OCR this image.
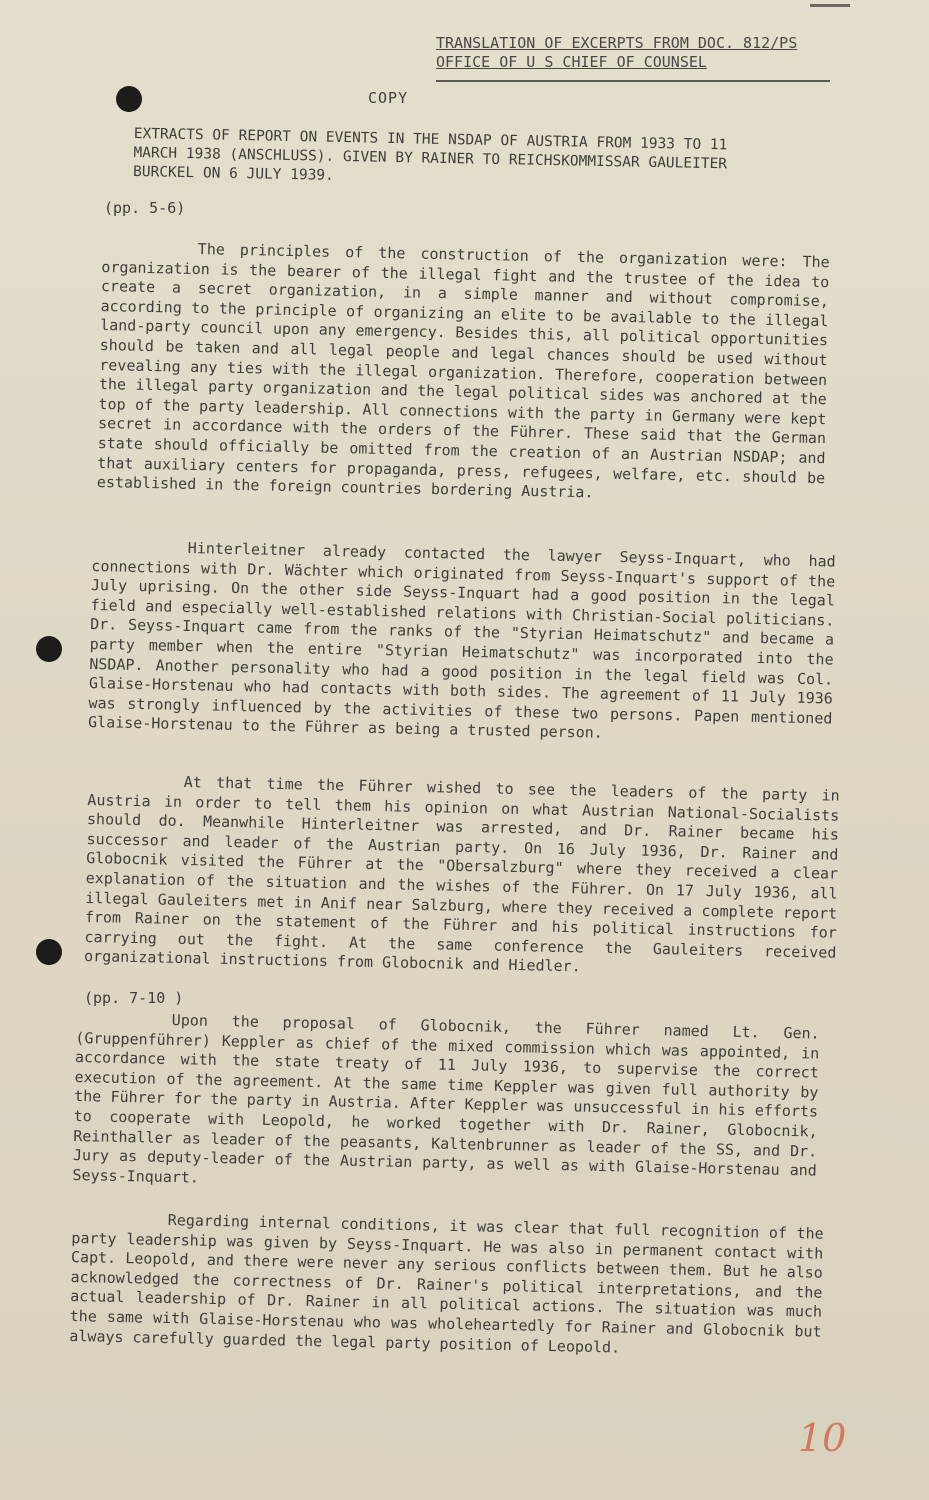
TRANSLATION OF EXCERPTS FROM DOC. 812/PS
OFFICE OF U S CHIEF OF COUNSEL
COPY
EXTRACTS OF REPORT ON EVENTS IN THE NSDAP OF AUSTRIA FROM 1933 TO 11 MARCH 1938 (ANSCHLUSS). GIVEN BY RAINER TO REICHSKOMMISSAR GAULEITER BURCKEL ON 6 JULY 1939.
(pp. 5-6)
The principles of the construction of the organization were: The organization is the bearer of the illegal fight and the trustee of the idea to create a secret organization, in a simple manner and without compromise, according to the principle of organizing an elite to be available to the illegal land-party council upon any emergency. Besides this, all political opportunities should be taken and all legal people and legal chances should be used without revealing any ties with the illegal organization. Therefore, cooperation between the illegal party organization and the legal political sides was anchored at the top of the party leadership. All connections with the party in Germany were kept secret in accordance with the orders of the Führer. These said that the German state should officially be omitted from the creation of an Austrian NSDAP; and that auxiliary centers for propaganda, press, refugees, welfare, etc. should be established in the foreign countries bordering Austria.
Hinterleitner already contacted the lawyer Seyss-Inquart, who had connections with Dr. Wächter which originated from Seyss-Inquart's support of the July uprising. On the other side Seyss-Inquart had a good position in the legal field and especially well-established relations with Christian-Social politicians. Dr. Seyss-Inquart came from the ranks of the "Styrian Heimatschutz" and became a party member when the entire "Styrian Heimatschutz" was incorporated into the NSDAP. Another personality who had a good position in the legal field was Col. Glaise-Horstenau who had contacts with both sides. The agreement of 11 July 1936 was strongly influenced by the activities of these two persons. Papen mentioned Glaise-Horstenau to the Führer as being a trusted person.
At that time the Führer wished to see the leaders of the party in Austria in order to tell them his opinion on what Austrian National-Socialists should do. Meanwhile Hinterleitner was arrested, and Dr. Rainer became his successor and leader of the Austrian party. On 16 July 1936, Dr. Rainer and Globocnik visited the Führer at the "Obersalzburg" where they received a clear explanation of the situation and the wishes of the Führer. On 17 July 1936, all illegal Gauleiters met in Anif near Salzburg, where they received a complete report from Rainer on the statement of the Führer and his political instructions for carrying out the fight. At the same conference the Gauleiters received organizational instructions from Globocnik and Hiedler.
(pp. 7-10 )
Upon the proposal of Globocnik, the Führer named Lt. Gen. (Gruppenführer) Keppler as chief of the mixed commission which was appointed, in accordance with the state treaty of 11 July 1936, to supervise the correct execution of the agreement. At the same time Keppler was given full authority by the Führer for the party in Austria. After Keppler was unsuccessful in his efforts to cooperate with Leopold, he worked together with Dr. Rainer, Globocnik, Reinthaller as leader of the peasants, Kaltenbrunner as leader of the SS, and Dr. Jury as deputy-leader of the Austrian party, as well as with Glaise-Horstenau and Seyss-Inquart.
Regarding internal conditions, it was clear that full recognition of the party leadership was given by Seyss-Inquart. He was also in permanent contact with Capt. Leopold, and there were never any serious conflicts between them. But he also acknowledged the correctness of Dr. Rainer's political interpretations, and the actual leadership of Dr. Rainer in all political actions. The situation was much the same with Glaise-Horstenau who was wholeheartedly for Rainer and Globocnik but always carefully guarded the legal party position of Leopold.
10
